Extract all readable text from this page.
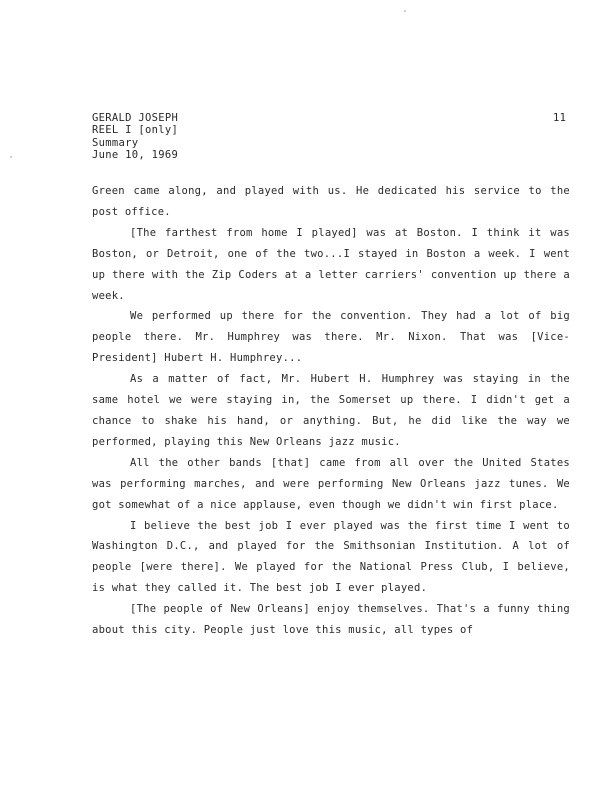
GERALD JOSEPH
REEL I [only]
Summary
June 10, 1969
11

Green came along, and played with us. He dedicated his service to the post office.

[The farthest from home I played] was at Boston. I think it was Boston, or Detroit, one of the two...I stayed in Boston a week. I went up there with the Zip Coders at a letter carriers' convention up there a week.

We performed up there for the convention. They had a lot of big people there. Mr. Humphrey was there. Mr. Nixon. That was [Vice-President] Hubert H. Humphrey...

As a matter of fact, Mr. Hubert H. Humphrey was staying in the same hotel we were staying in, the Somerset up there. I didn't get a chance to shake his hand, or anything. But, he did like the way we performed, playing this New Orleans jazz music.

All the other bands [that] came from all over the United States was performing marches, and were performing New Orleans jazz tunes. We got somewhat of a nice applause, even though we didn't win first place.

I believe the best job I ever played was the first time I went to Washington D.C., and played for the Smithsonian Institution. A lot of people [were there]. We played for the National Press Club, I believe, is what they called it. The best job I ever played.

[The people of New Orleans] enjoy themselves. That's a funny thing about this city. People just love this music, all types of
